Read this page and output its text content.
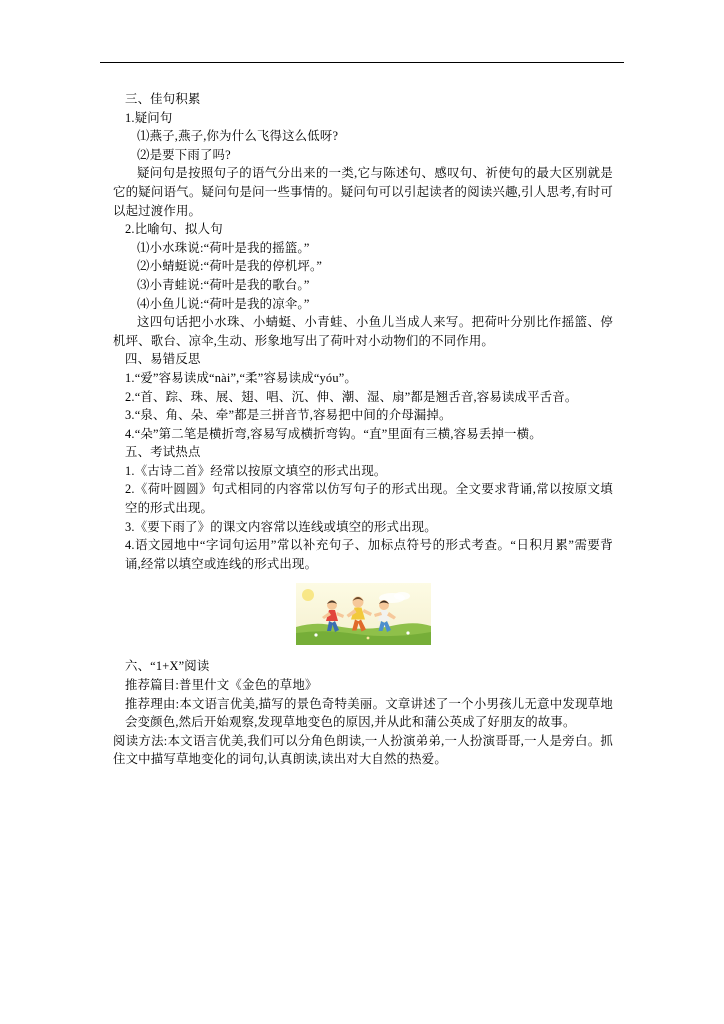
三、佳句积累

1.疑问句

⑴燕子,燕子,你为什么飞得这么低呀?

⑵是要下雨了吗?

疑问句是按照句子的语气分出来的一类,它与陈述句、感叹句、祈使句的最大区别就是它的疑问语气。疑问句是问一些事情的。疑问句可以引起读者的阅读兴趣,引人思考,有时可以起过渡作用。

2.比喻句、拟人句

⑴小水珠说:“荷叶是我的摇篮。”

⑵小蜻蜓说:“荷叶是我的停机坪。”

⑶小青蛙说:“荷叶是我的歌台。”

⑷小鱼儿说:“荷叶是我的凉伞。”

这四句话把小水珠、小蜻蜓、小青蛙、小鱼儿当成人来写。把荷叶分别比作摇篮、停机坪、歌台、凉伞,生动、形象地写出了荷叶对小动物们的不同作用。

四、易错反思

1.“爱”容易读成“nài”,“柔”容易读成“yóu”。

2.“首、踪、珠、展、翅、唱、沉、伸、潮、湿、扇”都是翘舌音,容易读成平舌音。

3.“泉、角、朵、牵”都是三拼音节,容易把中间的介母漏掉。

4.“朵”第二笔是横折弯,容易写成横折弯钩。“直”里面有三横,容易丢掉一横。

五、考试热点

1.《古诗二首》经常以按原文填空的形式出现。

2.《荷叶圆圆》句式相同的内容常以仿写句子的形式出现。全文要求背诵,常以按原文填空的形式出现。

3.《要下雨了》的课文内容常以连线或填空的形式出现。

4.语文园地中“字词句运用”常以补充句子、加标点符号的形式考查。“日积月累”需要背诵,经常以填空或连线的形式出现。

六、“1+X”阅读

推荐篇目:普里什文《金色的草地》

推荐理由:本文语言优美,描写的景色奇特美丽。文章讲述了一个小男孩儿无意中发现草地会变颜色,然后开始观察,发现草地变色的原因,并从此和蒲公英成了好朋友的故事。

阅读方法:本文语言优美,我们可以分角色朗读,一人扮演弟弟,一人扮演哥哥,一人是旁白。抓住文中描写草地变化的词句,认真朗读,读出对大自然的热爱。
